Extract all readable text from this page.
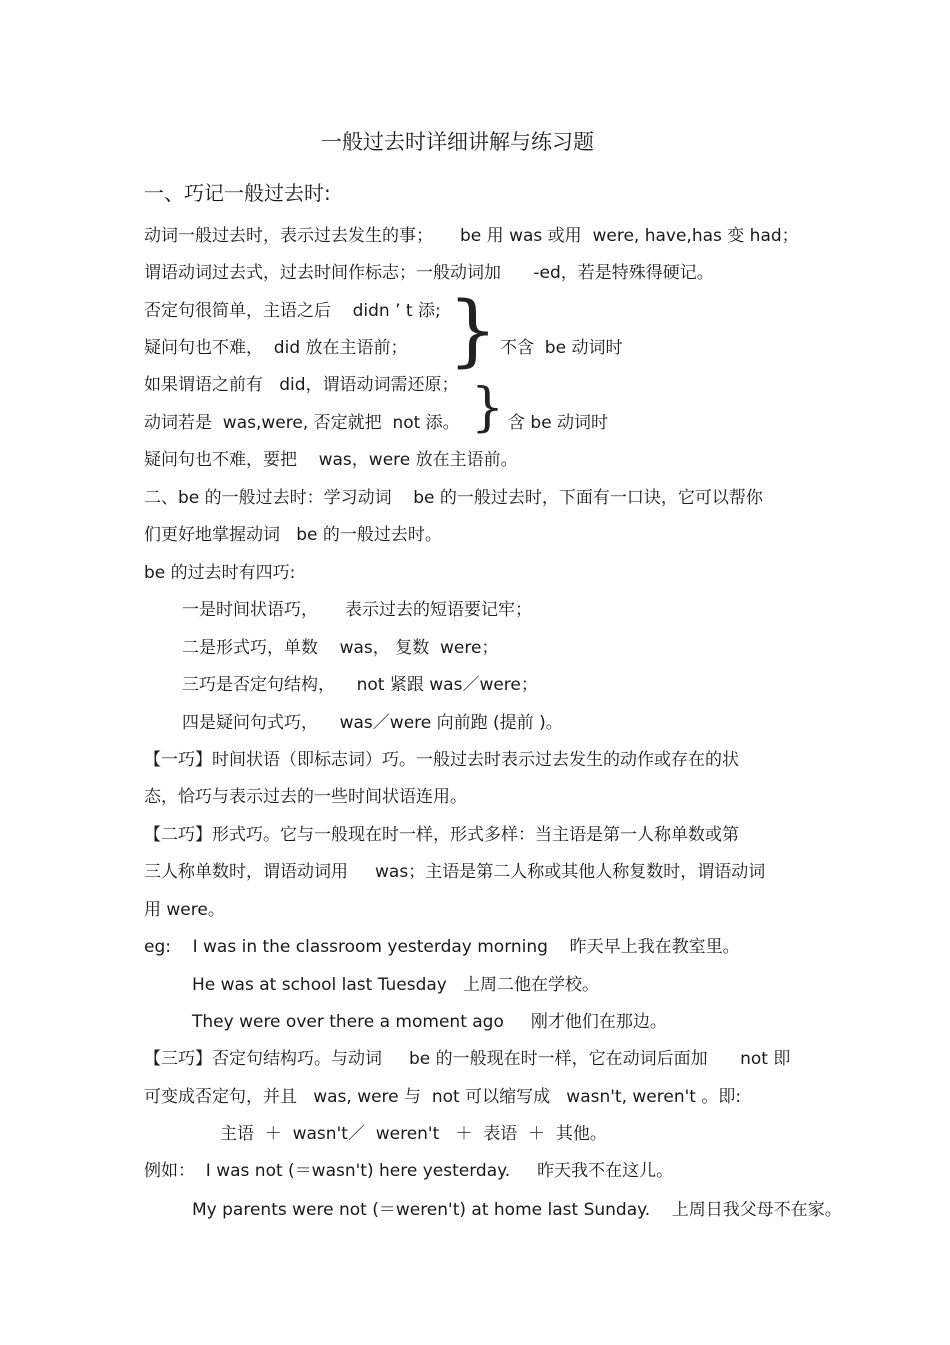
一般过去时详细讲解与练习题
一、巧记一般过去时:
动词一般过去时，表示过去发生的事；     be 用 was 或用  were, have,has 变 had；
谓语动词过去式，过去时间作标志；一般动词加      -ed，若是特殊得硬记。
否定句很简单，主语之后    didn ’ t 添;
疑问句也不难，  did 放在主语前； } 不含  be 动词时
如果谓语之前有   did，谓语动词需还原；
动词若是  was,were, 否定就把  not 添。 } 含 be 动词时
疑问句也不难，要把    was，were 放在主语前。
二、be 的一般过去时：学习动词    be 的一般过去时，下面有一口诀，它可以帮你
们更好地掌握动词   be 的一般过去时。
be 的过去时有四巧:
一是时间状语巧，     表示过去的短语要记牢；
二是形式巧，单数    was， 复数  were；
三巧是否定句结构，    not 紧跟 was／were；
四是疑问句式巧，    was／were 向前跑 (提前 )。
【一巧】时间状语（即标志词）巧。一般过去时表示过去发生的动作或存在的状
态，恰巧与表示过去的一些时间状语连用。
【二巧】形式巧。它与一般现在时一样，形式多样：当主语是第一人称单数或第
三人称单数时，谓语动词用     was；主语是第二人称或其他人称复数时，谓语动词
用 were。
eg:    I was in the classroom yesterday morning    昨天早上我在教室里。
He was at school last Tuesday   上周二他在学校。
They were over there a moment ago     刚才他们在那边。
【三巧】否定句结构巧。与动词     be 的一般现在时一样，它在动词后面加      not 即
可变成否定句，并且   was, were 与  not 可以缩写成   wasn't, weren't 。即:
主语  ＋  wasn't／  weren't   ＋  表语  ＋  其他。
例如：  I was not (＝wasn't) here yesterday.     昨天我不在这儿。
My parents were not (＝weren't) at home last Sunday.    上周日我父母不在家。
